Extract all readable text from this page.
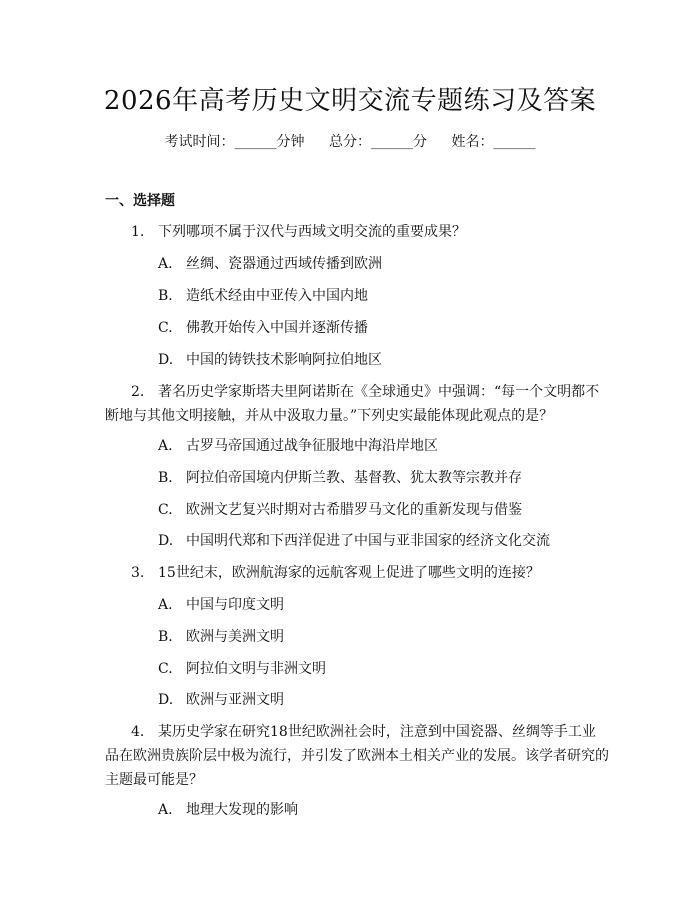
2026年高考历史文明交流专题练习及答案
考试时间：______分钟 总分：______分 姓名：______
一、选择题
1. 下列哪项不属于汉代与西域文明交流的重要成果？
A. 丝绸、瓷器通过西域传播到欧洲
B. 造纸术经由中亚传入中国内地
C. 佛教开始传入中国并逐渐传播
D. 中国的铸铁技术影响阿拉伯地区
2. 著名历史学家斯塔夫里阿诺斯在《全球通史》中强调：“每一个文明都不
断地与其他文明接触，并从中汲取力量。”下列史实最能体现此观点的是？
A. 古罗马帝国通过战争征服地中海沿岸地区
B. 阿拉伯帝国境内伊斯兰教、基督教、犹太教等宗教并存
C. 欧洲文艺复兴时期对古希腊罗马文化的重新发现与借鉴
D. 中国明代郑和下西洋促进了中国与亚非国家的经济文化交流
3. 15世纪末，欧洲航海家的远航客观上促进了哪些文明的连接？
A. 中国与印度文明
B. 欧洲与美洲文明
C. 阿拉伯文明与非洲文明
D. 欧洲与亚洲文明
4. 某历史学家在研究18世纪欧洲社会时，注意到中国瓷器、丝绸等手工业
品在欧洲贵族阶层中极为流行，并引发了欧洲本土相关产业的发展。该学者研究的
主题最可能是？
A. 地理大发现的影响
